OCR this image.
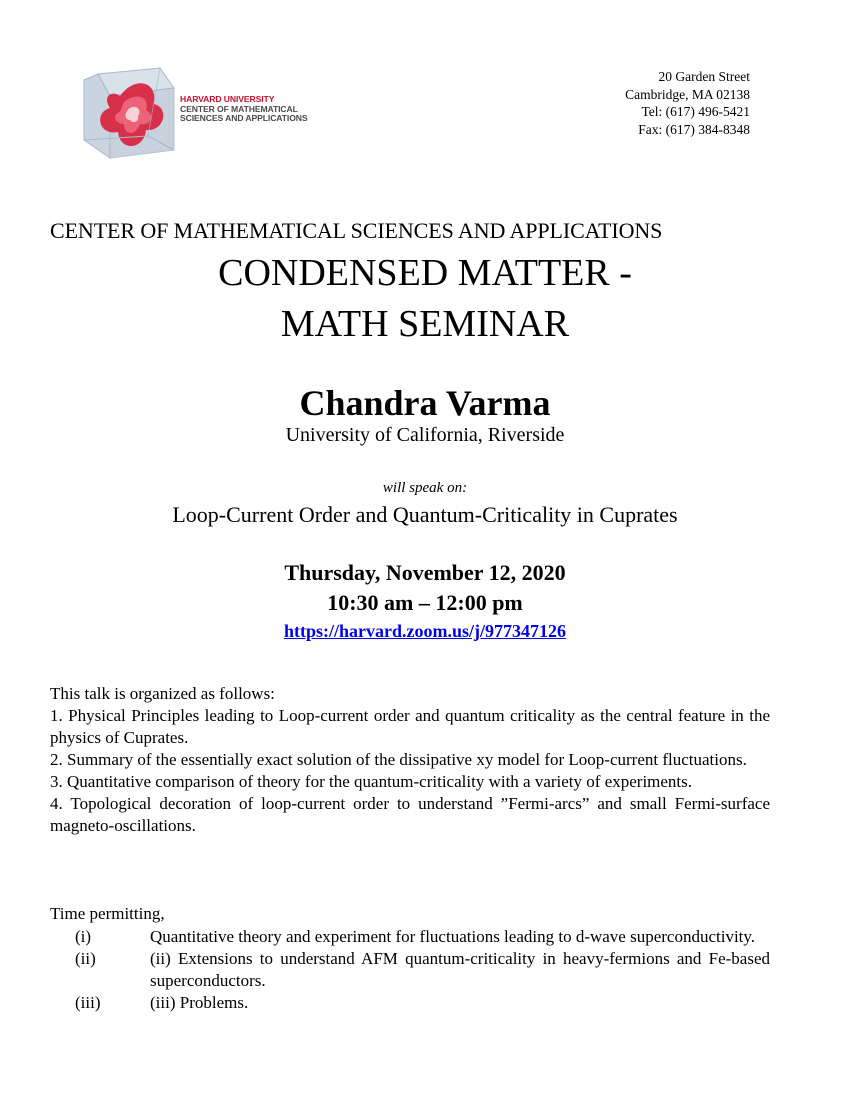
HARVARD UNIVERSITY
CENTER OF MATHEMATICAL
SCIENCES AND APPLICATIONS
20 Garden Street
Cambridge, MA 02138
Tel: (617) 496-5421
Fax: (617) 384-8348
CENTER OF MATHEMATICAL SCIENCES AND APPLICATIONS
CONDENSED MATTER -
MATH SEMINAR
Chandra Varma
University of California, Riverside
will speak on:
Loop-Current Order and Quantum-Criticality in Cuprates
Thursday, November 12, 2020
10:30 am – 12:00 pm
https://harvard.zoom.us/j/977347126
This talk is organized as follows:

1. Physical Principles leading to Loop-current order and quantum criticality as the central feature in the physics of Cuprates.

2. Summary of the essentially exact solution of the dissipative xy model for Loop-current fluctuations.

3. Quantitative comparison of theory for the quantum-criticality with a variety of experiments.

4. Topological decoration of loop-current order to understand ”Fermi-arcs” and small Fermi-surface magneto-oscillations.

Time permitting,
(i)	Quantitative theory and experiment for fluctuations leading to d-wave superconductivity.
(ii)	(ii) Extensions to understand AFM quantum-criticality in heavy-fermions and Fe-based superconductors.
(iii)	(iii) Problems.
